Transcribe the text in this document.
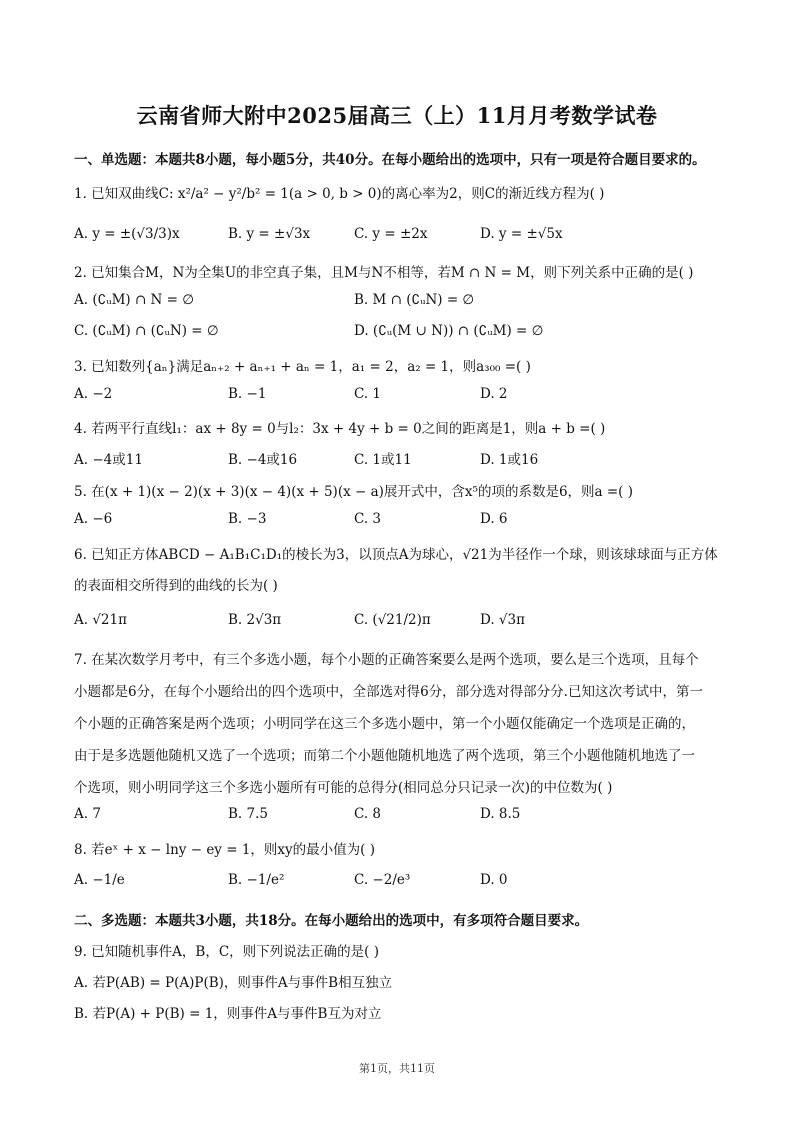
云南省师大附中2025届高三（上）11月月考数学试卷
一、单选题：本题共8小题，每小题5分，共40分。在每小题给出的选项中，只有一项是符合题目要求的。
1. 已知双曲线C: x²/a² − y²/b² = 1(a > 0, b > 0)的离心率为2，则C的渐近线方程为( )
A. y = ±(√3/3)x	B. y = ±√3x	C. y = ±2x	D. y = ±√5x
2. 已知集合M，N为全集U的非空真子集，且M与N不相等，若M ∩ N = M，则下列关系中正确的是( )
A. (∁ᵤM) ∩ N = ∅	B. M ∩ (∁ᵤN) = ∅
C. (∁ᵤM) ∩ (∁ᵤN) = ∅	D. (∁ᵤ(M ∪ N)) ∩ (∁ᵤM) = ∅
3. 已知数列{aₙ}满足aₙ₊₂ + aₙ₊₁ + aₙ = 1，a₁ = 2，a₂ = 1，则a₃₀₀ =( )
A. −2	B. −1	C. 1	D. 2
4. 若两平行直线l₁：ax + 8y = 0与l₂：3x + 4y + b = 0之间的距离是1，则a + b =( )
A. −4或11	B. −4或16	C. 1或11	D. 1或16
5. 在(x + 1)(x − 2)(x + 3)(x − 4)(x + 5)(x − a)展开式中，含x⁵的项的系数是6，则a =( )
A. −6	B. −3	C. 3	D. 6
6. 已知正方体ABCD − A₁B₁C₁D₁的棱长为3，以顶点A为球心，√21为半径作一个球，则该球球面与正方体
的表面相交所得到的曲线的长为( )
A. √21π	B. 2√3π	C. (√21/2)π	D. √3π
7. 在某次数学月考中，有三个多选小题，每个小题的正确答案要么是两个选项，要么是三个选项，且每个
小题都是6分，在每个小题给出的四个选项中，全部选对得6分，部分选对得部分分.已知这次考试中，第一
个小题的正确答案是两个选项；小明同学在这三个多选小题中，第一个小题仅能确定一个选项是正确的，
由于是多选题他随机又选了一个选项；而第二个小题他随机地选了两个选项，第三个小题他随机地选了一
个选项，则小明同学这三个多选小题所有可能的总得分(相同总分只记录一次)的中位数为( )
A. 7	B. 7.5	C. 8	D. 8.5
8. 若eˣ + x − lny − ey = 1，则xy的最小值为( )
A. −1/e	B. −1/e²	C. −2/e³	D. 0
二、多选题：本题共3小题，共18分。在每小题给出的选项中，有多项符合题目要求。
9. 已知随机事件A，B，C，则下列说法正确的是( )
A. 若P(AB) = P(A)P(B)，则事件A与事件B相互独立
B. 若P(A) + P(B) = 1，则事件A与事件B互为对立
第1页，共11页
